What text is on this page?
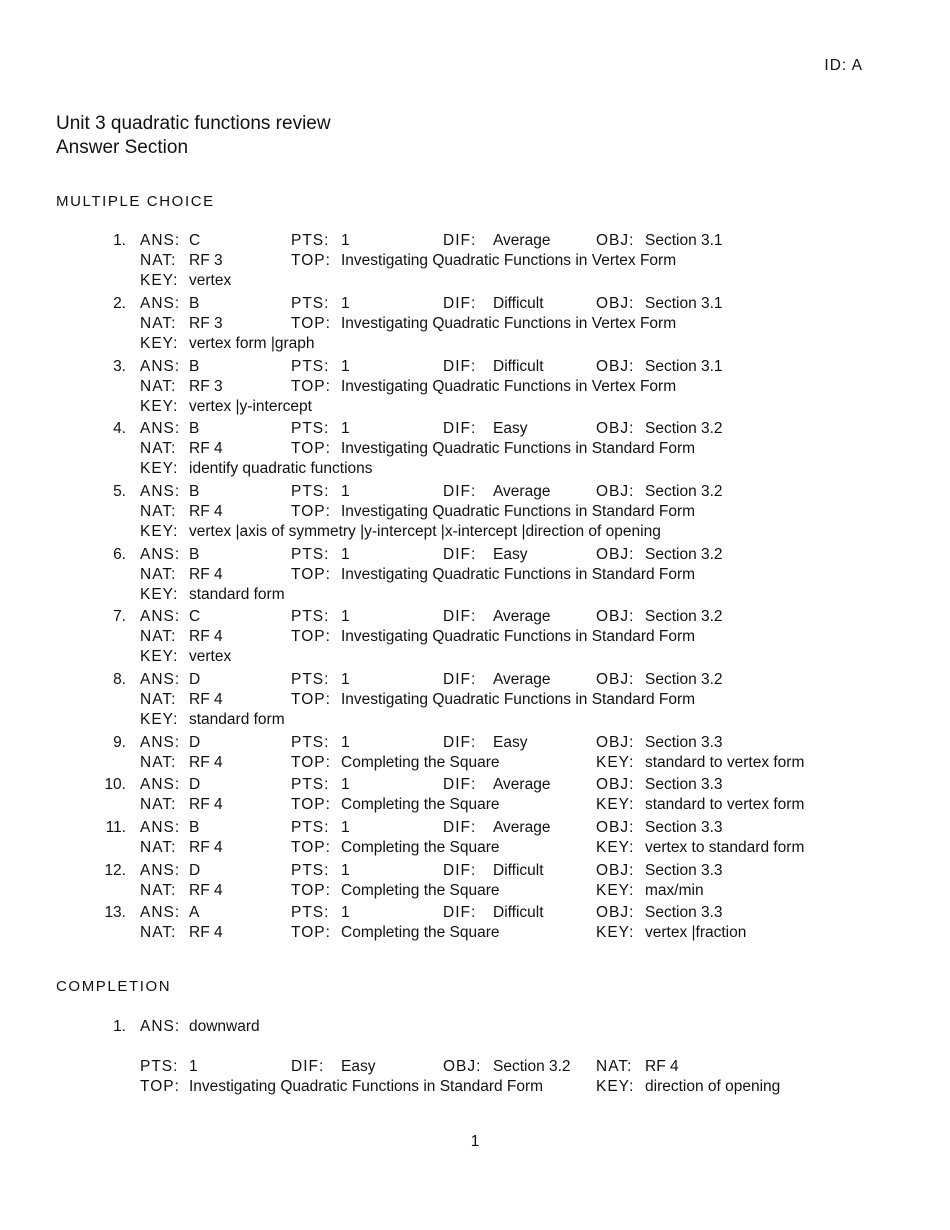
ID: A
Unit 3 quadratic functions review
Answer Section
MULTIPLE CHOICE
1. ANS: C	PTS: 1	DIF: Average	OBJ: Section 3.1
NAT: RF 3	TOP: Investigating Quadratic Functions in Vertex Form
KEY: vertex
2. ANS: B	PTS: 1	DIF: Difficult	OBJ: Section 3.1
NAT: RF 3	TOP: Investigating Quadratic Functions in Vertex Form
KEY: vertex form |graph
3. ANS: B	PTS: 1	DIF: Difficult	OBJ: Section 3.1
NAT: RF 3	TOP: Investigating Quadratic Functions in Vertex Form
KEY: vertex |y-intercept
4. ANS: B	PTS: 1	DIF: Easy	OBJ: Section 3.2
NAT: RF 4	TOP: Investigating Quadratic Functions in Standard Form
KEY: identify quadratic functions
5. ANS: B	PTS: 1	DIF: Average	OBJ: Section 3.2
NAT: RF 4	TOP: Investigating Quadratic Functions in Standard Form
KEY: vertex |axis of symmetry |y-intercept |x-intercept |direction of opening
6. ANS: B	PTS: 1	DIF: Easy	OBJ: Section 3.2
NAT: RF 4	TOP: Investigating Quadratic Functions in Standard Form
KEY: standard form
7. ANS: C	PTS: 1	DIF: Average	OBJ: Section 3.2
NAT: RF 4	TOP: Investigating Quadratic Functions in Standard Form
KEY: vertex
8. ANS: D	PTS: 1	DIF: Average	OBJ: Section 3.2
NAT: RF 4	TOP: Investigating Quadratic Functions in Standard Form
KEY: standard form
9. ANS: D	PTS: 1	DIF: Easy	OBJ: Section 3.3
NAT: RF 4	TOP: Completing the Square	KEY: standard to vertex form
10. ANS: D	PTS: 1	DIF: Average	OBJ: Section 3.3
NAT: RF 4	TOP: Completing the Square	KEY: standard to vertex form
11. ANS: B	PTS: 1	DIF: Average	OBJ: Section 3.3
NAT: RF 4	TOP: Completing the Square	KEY: vertex to standard form
12. ANS: D	PTS: 1	DIF: Difficult	OBJ: Section 3.3
NAT: RF 4	TOP: Completing the Square	KEY: max/min
13. ANS: A	PTS: 1	DIF: Difficult	OBJ: Section 3.3
NAT: RF 4	TOP: Completing the Square	KEY: vertex |fraction
COMPLETION
1. ANS: downward
PTS: 1	DIF: Easy	OBJ: Section 3.2 NAT: RF 4
TOP: Investigating Quadratic Functions in Standard Form	KEY: direction of opening
1
